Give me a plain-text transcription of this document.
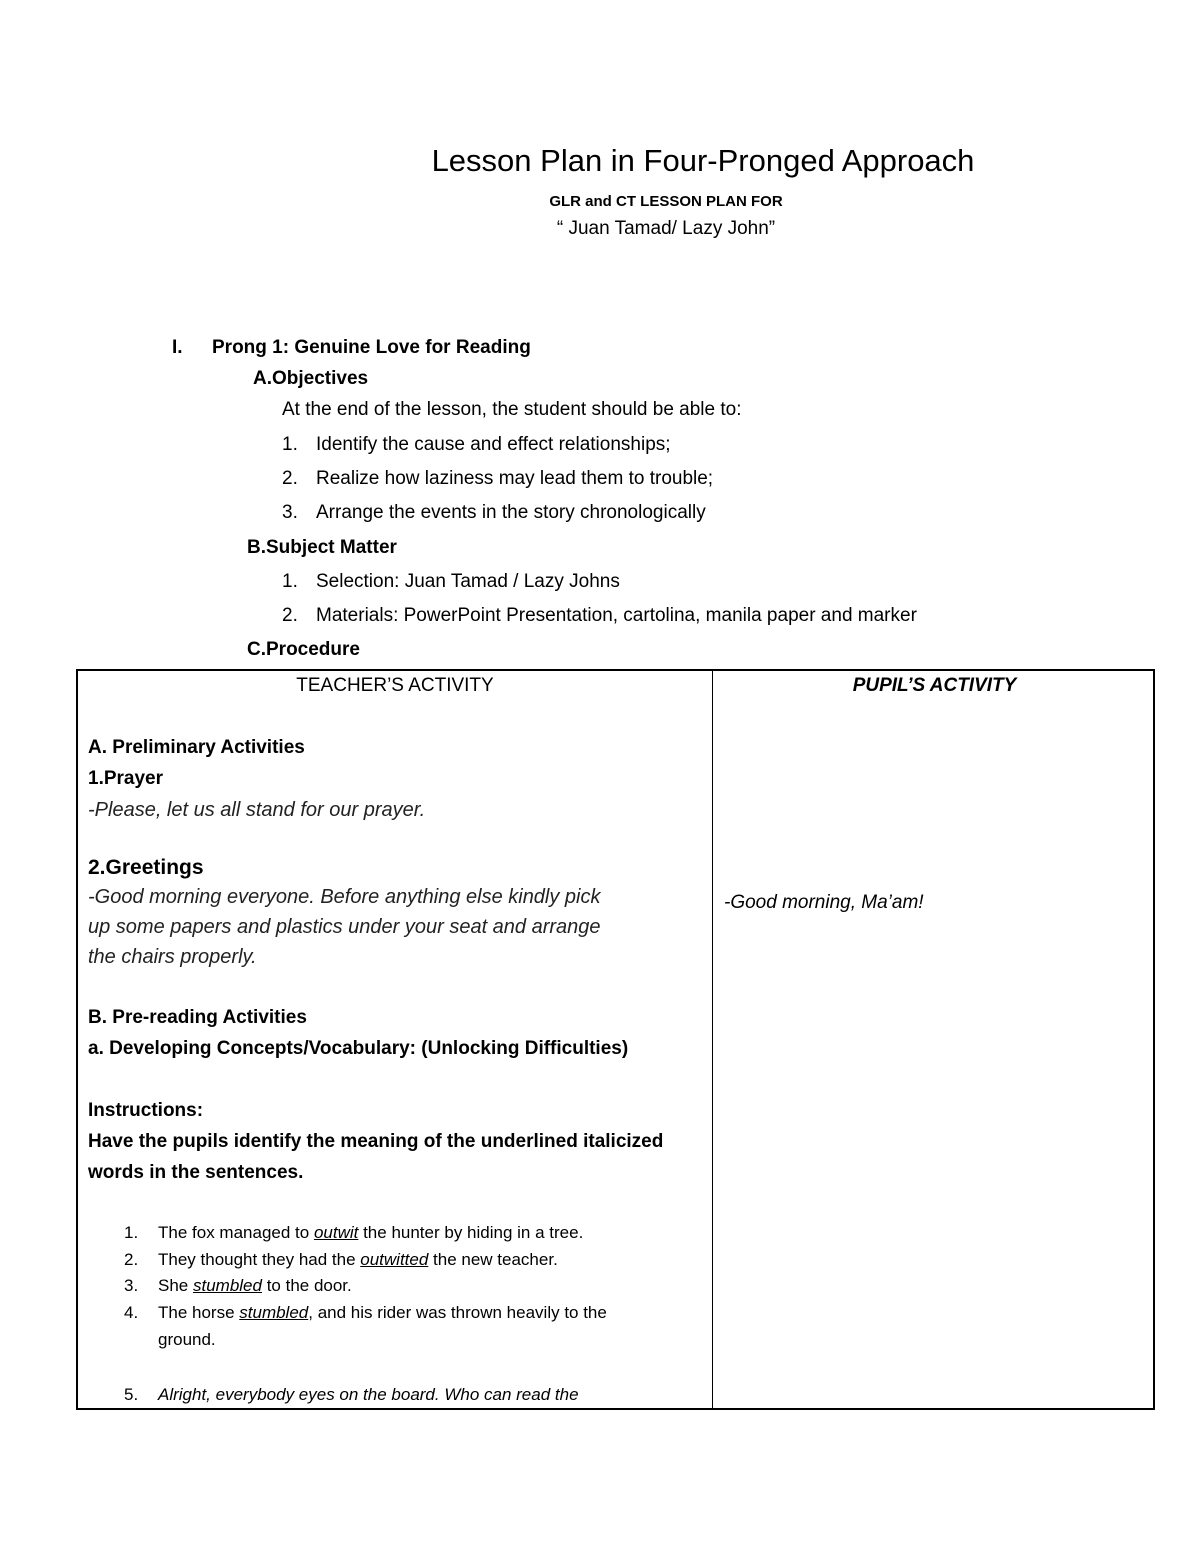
Lesson Plan in Four-Pronged Approach
GLR and CT LESSON PLAN FOR
“ Juan Tamad/ Lazy John”
I. Prong 1: Genuine Love for Reading
A.Objectives
At the end of the lesson, the student should be able to:
1. Identify the cause and effect relationships;
2. Realize how laziness may lead them to trouble;
3. Arrange the events in the story chronologically
B.Subject Matter
1. Selection: Juan Tamad / Lazy Johns
2. Materials: PowerPoint Presentation, cartolina, manila paper and marker
C.Procedure
TEACHER’S ACTIVITY	PUPIL’S ACTIVITY
A. Preliminary Activities
1.Prayer
-Please, let us all stand for our prayer.
2.Greetings
-Good morning everyone. Before anything else kindly pick
up some papers and plastics under your seat and arrange
the chairs properly.
-Good morning, Ma’am!
B. Pre-reading Activities
a. Developing Concepts/Vocabulary: (Unlocking Difficulties)
Instructions:
Have the pupils identify the meaning of the underlined italicized
words in the sentences.
1. The fox managed to outwit the hunter by hiding in a tree.
2. They thought they had the outwitted the new teacher.
3. She stumbled to the door.
4. The horse stumbled, and his rider was thrown heavily to the
ground.
5. Alright, everybody eyes on the board. Who can read the
